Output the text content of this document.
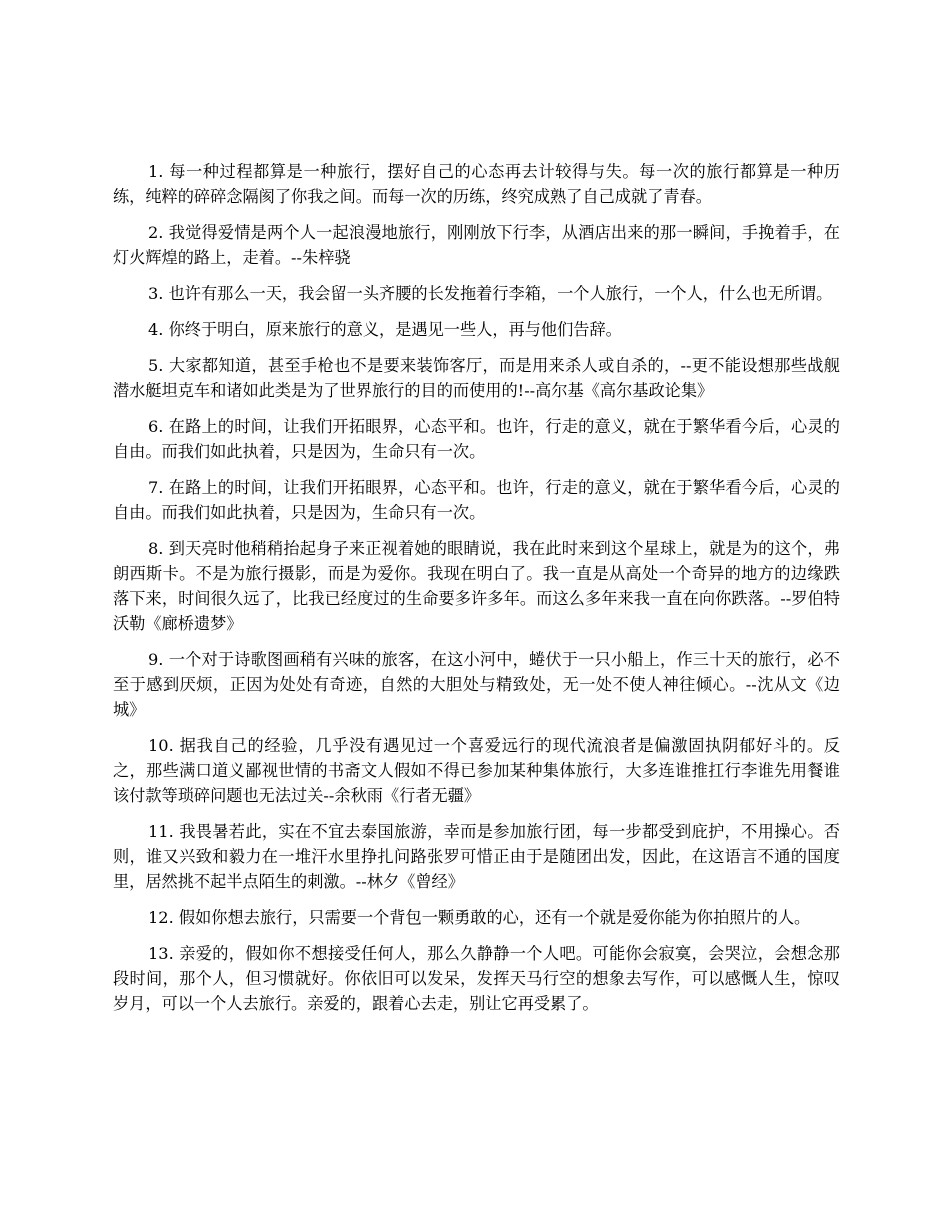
1. 每一种过程都算是一种旅行，摆好自己的心态再去计较得与失。每一次的旅行都算是一种历练，纯粹的碎碎念隔阂了你我之间。而每一次的历练，终究成熟了自己成就了青春。

2. 我觉得爱情是两个人一起浪漫地旅行，刚刚放下行李，从酒店出来的那一瞬间，手挽着手，在灯火辉煌的路上，走着。--朱梓骁

3. 也许有那么一天，我会留一头齐腰的长发拖着行李箱，一个人旅行，一个人，什么也无所谓。

4. 你终于明白，原来旅行的意义，是遇见一些人，再与他们告辞。

5. 大家都知道，甚至手枪也不是要来装饰客厅，而是用来杀人或自杀的，--更不能设想那些战舰潜水艇坦克车和诸如此类是为了世界旅行的目的而使用的!--高尔基《高尔基政论集》

6. 在路上的时间，让我们开拓眼界，心态平和。也许，行走的意义，就在于繁华看今后，心灵的自由。而我们如此执着，只是因为，生命只有一次。

7. 在路上的时间，让我们开拓眼界，心态平和。也许，行走的意义，就在于繁华看今后，心灵的自由。而我们如此执着，只是因为，生命只有一次。

8. 到天亮时他稍稍抬起身子来正视着她的眼睛说，我在此时来到这个星球上，就是为的这个，弗朗西斯卡。不是为旅行摄影，而是为爱你。我现在明白了。我一直是从高处一个奇异的地方的边缘跌落下来，时间很久远了，比我已经度过的生命要多许多年。而这么多年来我一直在向你跌落。--罗伯特沃勒《廊桥遗梦》

9. 一个对于诗歌图画稍有兴味的旅客，在这小河中，蜷伏于一只小船上，作三十天的旅行，必不至于感到厌烦，正因为处处有奇迹，自然的大胆处与精致处，无一处不使人神往倾心。--沈从文《边城》

10. 据我自己的经验，几乎没有遇见过一个喜爱远行的现代流浪者是偏激固执阴郁好斗的。反之，那些满口道义鄙视世情的书斋文人假如不得已参加某种集体旅行，大多连谁推扛行李谁先用餐谁该付款等琐碎问题也无法过关--余秋雨《行者无疆》

11. 我畏暑若此，实在不宜去泰国旅游，幸而是参加旅行团，每一步都受到庇护，不用操心。否则，谁又兴致和毅力在一堆汗水里挣扎问路张罗可惜正由于是随团出发，因此，在这语言不通的国度里，居然挑不起半点陌生的刺激。--林夕《曾经》

12. 假如你想去旅行，只需要一个背包一颗勇敢的心，还有一个就是爱你能为你拍照片的人。

13. 亲爱的，假如你不想接受任何人，那么久静静一个人吧。可能你会寂寞，会哭泣，会想念那段时间，那个人，但习惯就好。你依旧可以发呆，发挥天马行空的想象去写作，可以感慨人生，惊叹岁月，可以一个人去旅行。亲爱的，跟着心去走，别让它再受累了。
